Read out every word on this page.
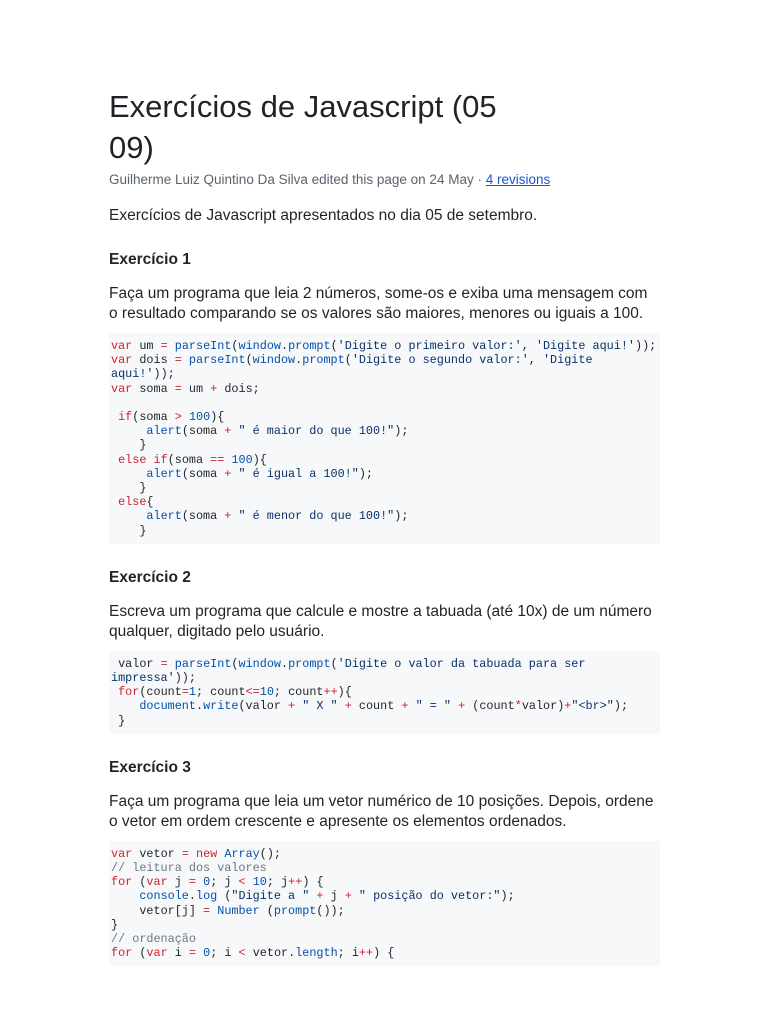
Exercícios de Javascript (05 09)
Guilherme Luiz Quintino Da Silva edited this page on 24 May · 4 revisions
Exercícios de Javascript apresentados no dia 05 de setembro.
Exercício 1

Faça um programa que leia 2 números, some-os e exiba uma mensagem com o resultado comparando se os valores são maiores, menores ou iguais a 100.

var um = parseInt(window.prompt('Digite o primeiro valor:', 'Digite aqui!'));
var dois = parseInt(window.prompt('Digite o segundo valor:', 'Digite aqui!'));
var soma = um + dois;

if(soma > 100){
alert(soma + " é maior do que 100!");
}
else if(soma == 100){
alert(soma + " é igual a 100!");
}
else{
alert(soma + " é menor do que 100!");
}
Exercício 2

Escreva um programa que calcule e mostre a tabuada (até 10x) de um número qualquer, digitado pelo usuário.

valor = parseInt(window.prompt('Digite o valor da tabuada para ser impressa'));
for(count=1; count<=10; count++){
document.write(valor + " X " + count + " = " + (count*valor)+"<br>");
}
Exercício 3

Faça um programa que leia um vetor numérico de 10 posições. Depois, ordene o vetor em ordem crescente e apresente os elementos ordenados.

var vetor = new Array();
// leitura dos valores
for (var j = 0; j < 10; j++) {
console.log ("Digite a " + j + " posição do vetor:");
vetor[j] = Number (prompt());
}
// ordenação
for (var i = 0; i < vetor.length; i++) {
